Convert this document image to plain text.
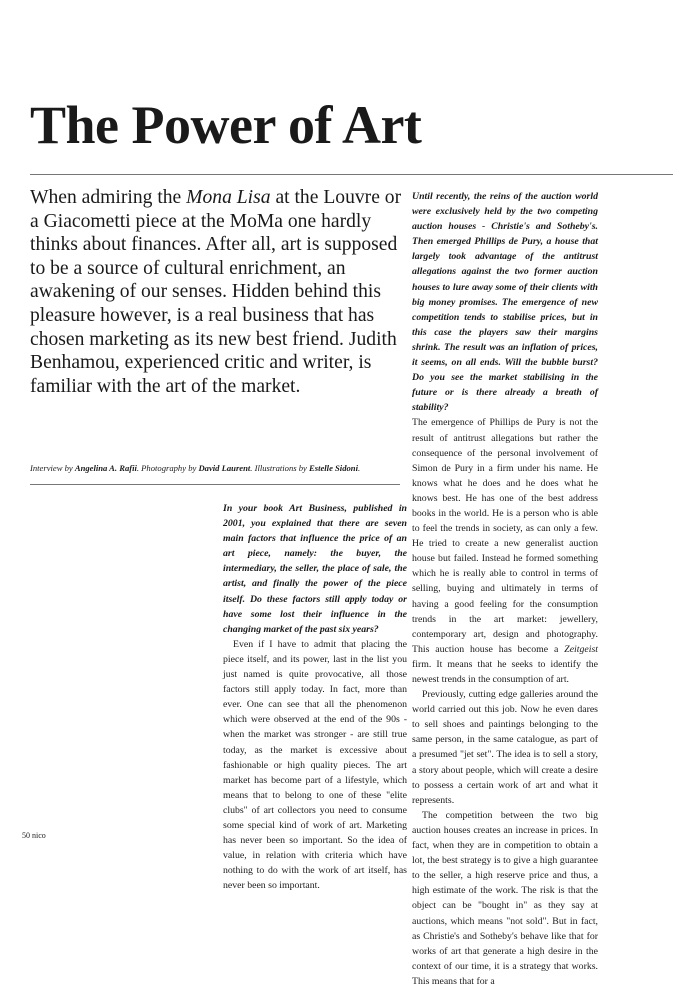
The Power of Art

When admiring the Mona Lisa at the Louvre or a Giacometti piece at the MoMa one hardly thinks about finances. After all, art is supposed to be a source of cultural enrichment, an awakening of our senses. Hidden behind this pleasure however, is a real business that has chosen marketing as its new best friend. Judith Benhamou, experienced critic and writer, is familiar with the art of the market.

Interview by Angelina A. Rafii. Photography by David Laurent. Illustrations by Estelle Sidoni.

In your book Art Business, published in 2001, you explained that there are seven main factors that influence the price of an art piece, namely: the buyer, the intermediary, the seller, the place of sale, the artist, and finally the power of the piece itself. Do these factors still apply today or have some lost their influence in the changing market of the past six years?

Even if I have to admit that placing the piece itself, and its power, last in the list you just named is quite provocative, all those factors still apply today. In fact, more than ever. One can see that all the phenomenon which were observed at the end of the 90s - when the market was stronger - are still true today, as the market is excessive about fashionable or high quality pieces. The art market has become part of a lifestyle, which means that to belong to one of these "elite clubs" of art collectors you need to consume some special kind of work of art. Marketing has never been so important. So the idea of value, in relation with criteria which have nothing to do with the work of art itself, has never been so important.

Until recently, the reins of the auction world were exclusively held by the two competing auction houses - Christie's and Sotheby's. Then emerged Phillips de Pury, a house that largely took advantage of the antitrust allegations against the two former auction houses to lure away some of their clients with big money promises. The emergence of new competition tends to stabilise prices, but in this case the players saw their margins shrink. The result was an inflation of prices, it seems, on all ends. Will the bubble burst? Do you see the market stabilising in the future or is there already a breath of stability?

The emergence of Phillips de Pury is not the result of antitrust allegations but rather the consequence of the personal involvement of Simon de Pury in a firm under his name. He knows what he does and he does what he knows best. He has one of the best address books in the world. He is a person who is able to feel the trends in society, as can only a few. He tried to create a new generalist auction house but failed. Instead he formed something which he is really able to control in terms of selling, buying and ultimately in terms of having a good feeling for the consumption trends in the art market: jewellery, contemporary art, design and photography. This auction house has become a Zeitgeist firm. It means that he seeks to identify the newest trends in the consumption of art.

Previously, cutting edge galleries around the world carried out this job. Now he even dares to sell shoes and paintings belonging to the same person, in the same catalogue, as part of a presumed "jet set". The idea is to sell a story, a story about people, which will create a desire to possess a certain work of art and what it represents.

The competition between the two big auction houses creates an increase in prices. In fact, when they are in competition to obtain a lot, the best strategy is to give a high guarantee to the seller, a high reserve price and thus, a high estimate of the work. The risk is that the object can be "bought in" as they say at auctions, which means "not sold". But in fact, as Christie's and Sotheby's behave like that for works of art that generate a high desire in the context of our time, it is a strategy that works. This means that for a

50 nico
